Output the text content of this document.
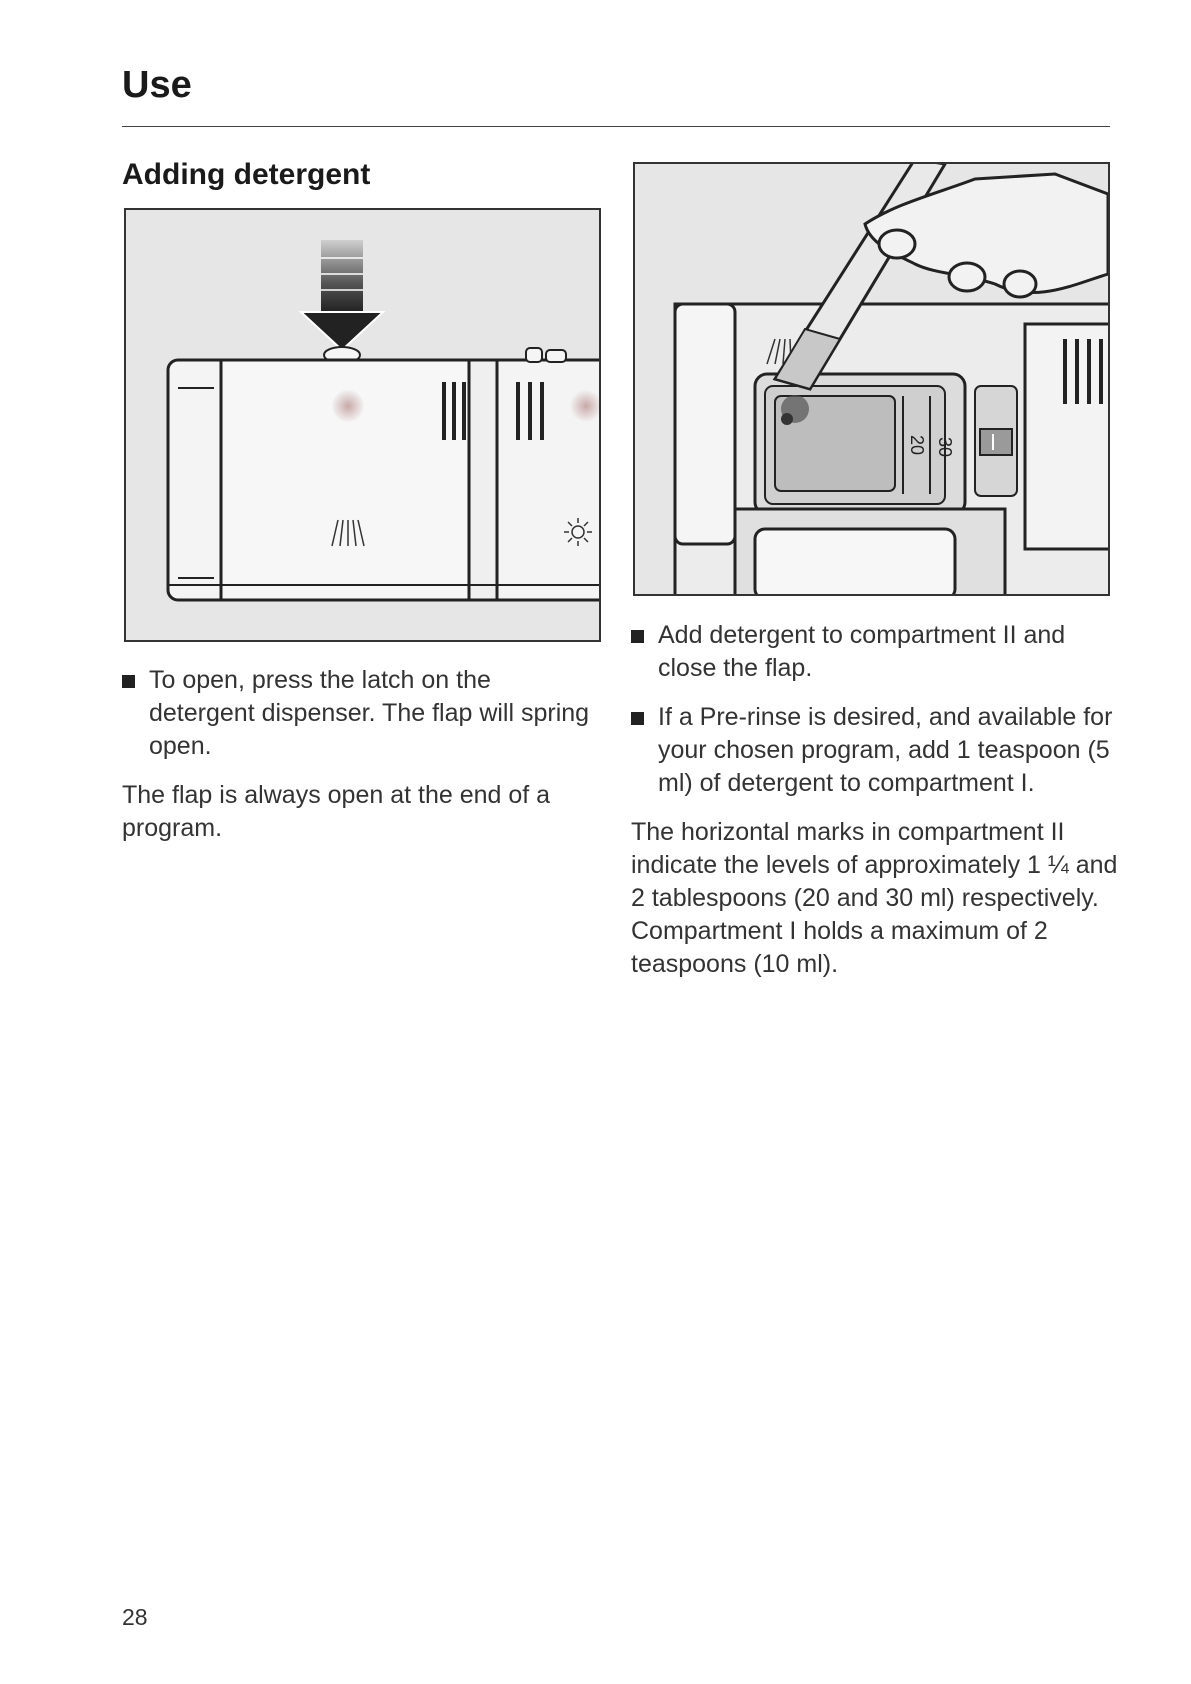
Use
Adding detergent
20 30
To open, press the latch on the detergent dispenser. The flap will spring open.

The flap is always open at the end of a program.

Add detergent to compartment II and close the flap.
If a Pre-rinse is desired, and available for your chosen program, add 1 teaspoon (5 ml) of detergent to compartment I.

The horizontal marks in compartment II indicate the levels of approximately 1 ¼ and 2 tablespoons (20 and 30 ml) respectively. Compartment I holds a maximum of 2 teaspoons (10 ml).

28
